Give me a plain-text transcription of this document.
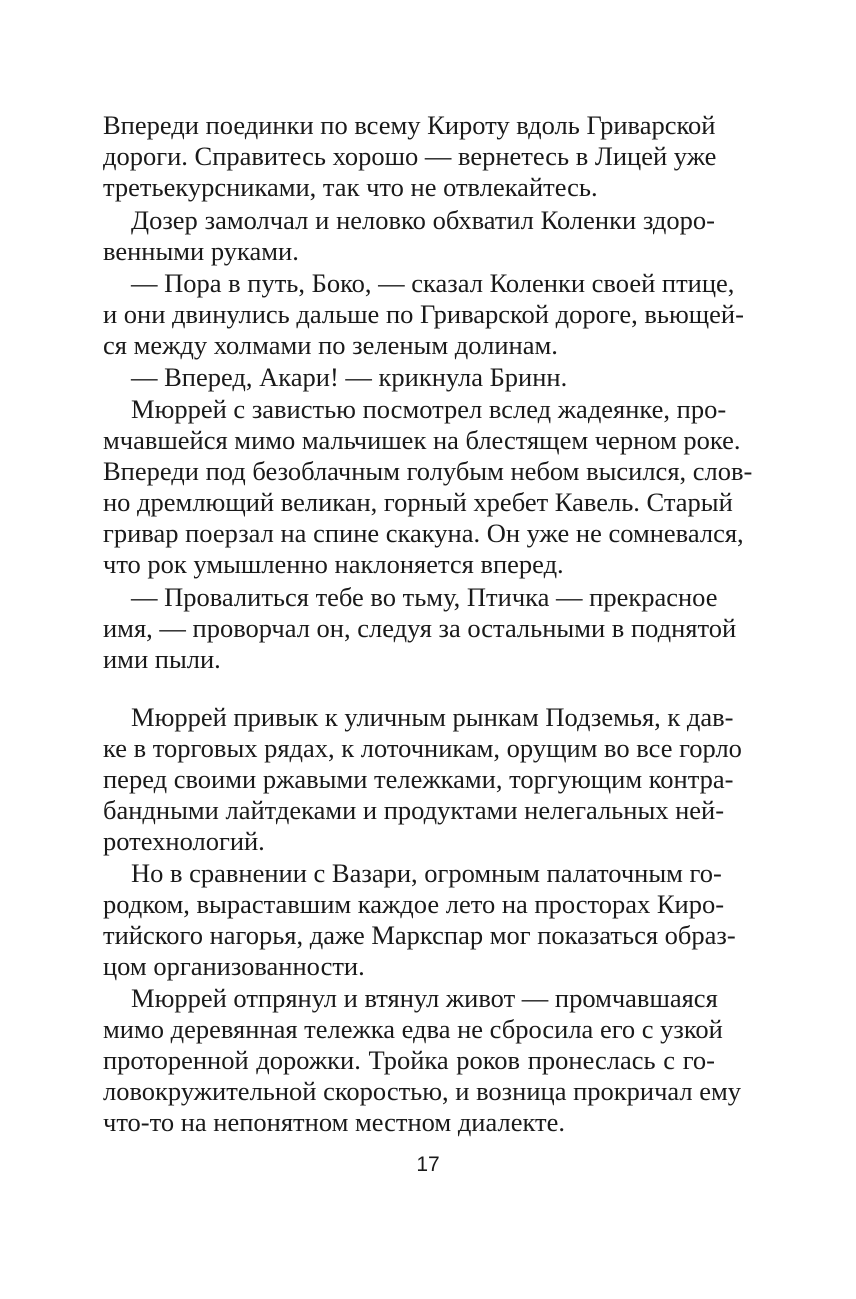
Впереди поединки по всему Кироту вдоль Гриварской
дороги. Справитесь хорошо — вернетесь в Лицей уже
третьекурсниками, так что не отвлекайтесь.
Дозер замолчал и неловко обхватил Коленки здоро-
венными руками.
— Пора в путь, Боко, — сказал Коленки своей птице,
и они двинулись дальше по Гриварской дороге, вьющей-
ся между холмами по зеленым долинам.
— Вперед, Акари! — крикнула Бринн.
Мюррей с завистью посмотрел вслед жадеянке, про-
мчавшейся мимо мальчишек на блестящем черном роке.
Впереди под безоблачным голубым небом высился, слов-
но дремлющий великан, горный хребет Кавель. Старый
гривар поерзал на спине скакуна. Он уже не сомневался,
что рок умышленно наклоняется вперед.
— Провалиться тебе во тьму, Птичка — прекрасное
имя, — проворчал он, следуя за остальными в поднятой
ими пыли.
Мюррей привык к уличным рынкам Подземья, к дав-
ке в торговых рядах, к лоточникам, орущим во все горло
перед своими ржавыми тележками, торгующим контра-
бандными лайтдеками и продуктами нелегальных ней-
ротехнологий.
Но в сравнении с Вазари, огромным палаточным го-
родком, выраставшим каждое лето на просторах Киро-
тийского нагорья, даже Маркспар мог показаться образ-
цом организованности.
Мюррей отпрянул и втянул живот — промчавшаяся
мимо деревянная тележка едва не сбросила его с узкой
проторенной дорожки. Тройка роков пронеслась с го-
ловокружительной скоростью, и возница прокричал ему
что-то на непонятном местном диалекте.
17
